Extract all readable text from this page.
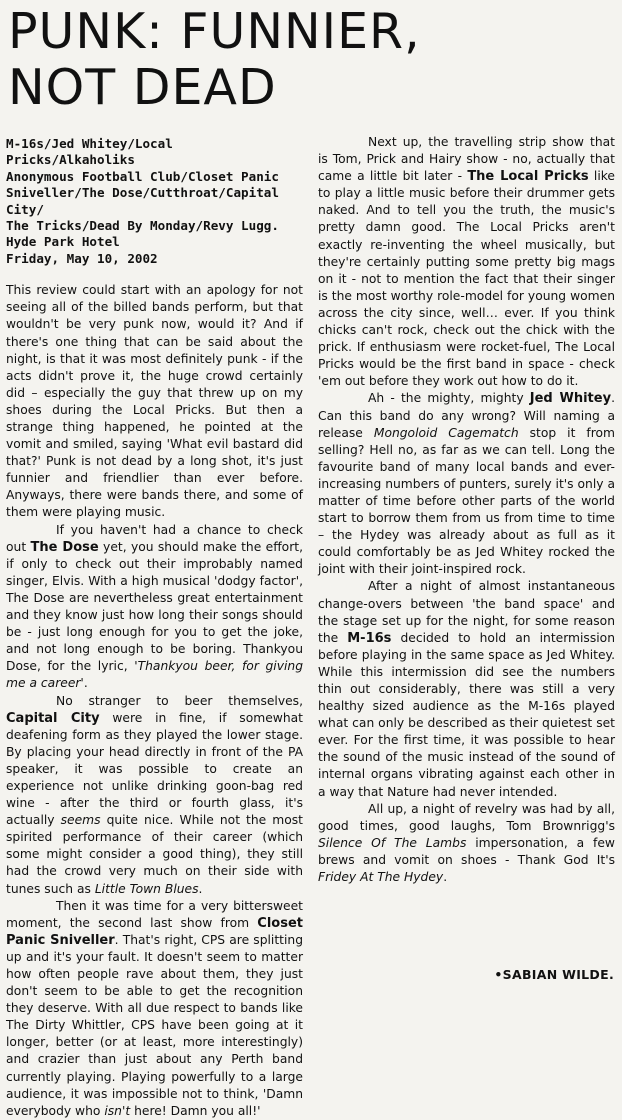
PUNK: FUNNIER,
NOT DEAD
M-16s/Jed Whitey/Local Pricks/Alkaholiks
Anonymous Football Club/Closet Panic
Sniveller/The Dose/Cutthroat/Capital City/
The Tricks/Dead By Monday/Revy Lugg.
Hyde Park Hotel
Friday, May 10, 2002

This review could start with an apology for not seeing all of the billed bands perform, but that wouldn't be very punk now, would it? And if there's one thing that can be said about the night, is that it was most definitely punk - if the acts didn't prove it, the huge crowd certainly did – especially the guy that threw up on my shoes during the Local Pricks. But then a strange thing happened, he pointed at the vomit and smiled, saying 'What evil bastard did that?' Punk is not dead by a long shot, it's just funnier and friendlier than ever before. Anyways, there were bands there, and some of them were playing music.

If you haven't had a chance to check out The Dose yet, you should make the effort, if only to check out their improbably named singer, Elvis. With a high musical 'dodgy factor', The Dose are nevertheless great entertainment and they know just how long their songs should be - just long enough for you to get the joke, and not long enough to be boring. Thankyou Dose, for the lyric, 'Thankyou beer, for giving me a career'.

No stranger to beer themselves, Capital City were in fine, if somewhat deafening form as they played the lower stage. By placing your head directly in front of the PA speaker, it was possible to create an experience not unlike drinking goon-bag red wine - after the third or fourth glass, it's actually seems quite nice. While not the most spirited performance of their career (which some might consider a good thing), they still had the crowd very much on their side with tunes such as Little Town Blues.

Then it was time for a very bittersweet moment, the second last show from Closet Panic Sniveller. That's right, CPS are splitting up and it's your fault. It doesn't seem to matter how often people rave about them, they just don't seem to be able to get the recognition they deserve. With all due respect to bands like The Dirty Whittler, CPS have been going at it longer, better (or at least, more interestingly) and crazier than just about any Perth band currently playing. Playing powerfully to a large audience, it was impossible not to think, 'Damn everybody who isn't here! Damn you all!'

Next up, the travelling strip show that is Tom, Prick and Hairy show - no, actually that came a little bit later - The Local Pricks like to play a little music before their drummer gets naked. And to tell you the truth, the music's pretty damn good. The Local Pricks aren't exactly re-inventing the wheel musically, but they're certainly putting some pretty big mags on it - not to mention the fact that their singer is the most worthy role-model for young women across the city since, well… ever. If you think chicks can't rock, check out the chick with the prick. If enthusiasm were rocket-fuel, The Local Pricks would be the first band in space - check 'em out before they work out how to do it.

Ah - the mighty, mighty Jed Whitey. Can this band do any wrong? Will naming a release Mongoloid Cagematch stop it from selling? Hell no, as far as we can tell. Long the favourite band of many local bands and ever-increasing numbers of punters, surely it's only a matter of time before other parts of the world start to borrow them from us from time to time – the Hydey was already about as full as it could comfortably be as Jed Whitey rocked the joint with their joint-inspired rock.

After a night of almost instantaneous change-overs between 'the band space' and the stage set up for the night, for some reason the M-16s decided to hold an intermission before playing in the same space as Jed Whitey. While this intermission did see the numbers thin out considerably, there was still a very healthy sized audience as the M-16s played what can only be described as their quietest set ever. For the first time, it was possible to hear the sound of the music instead of the sound of internal organs vibrating against each other in a way that Nature had never intended.

All up, a night of revelry was had by all, good times, good laughs, Tom Brownrigg's Silence Of The Lambs impersonation, a few brews and vomit on shoes - Thank God It's Fridey At The Hydey.

•SABIAN WILDE.
